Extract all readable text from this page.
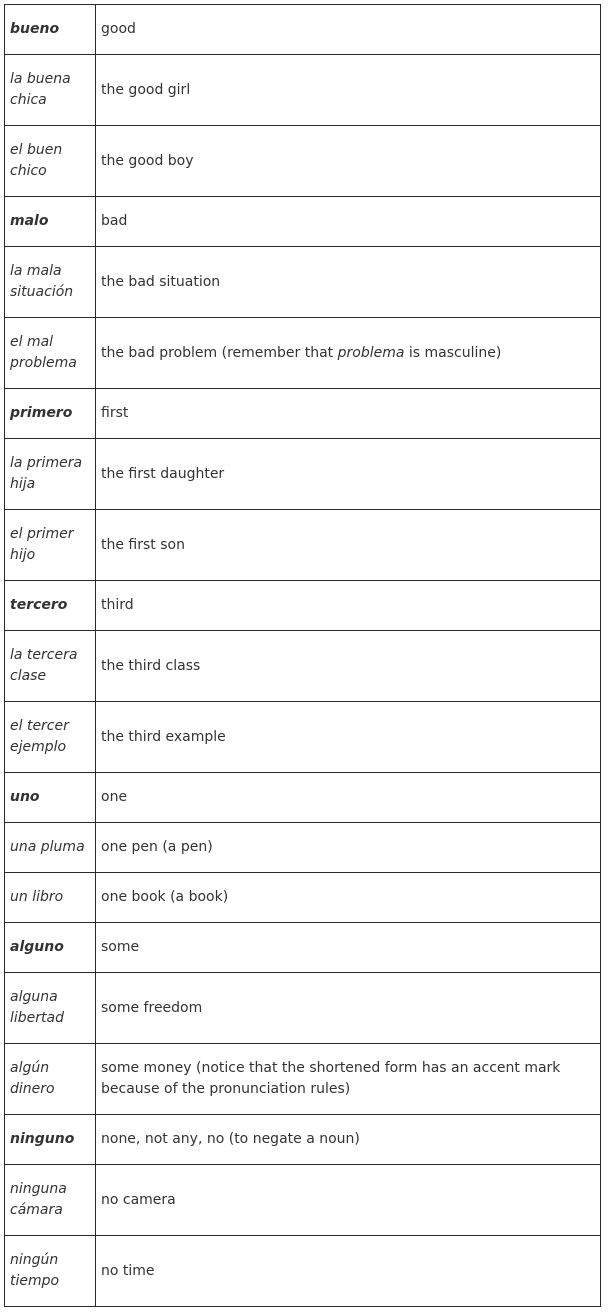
bueno	good
la buena chica	the good girl
el buen chico	the good boy
malo	bad
la mala situación	the bad situation
el mal problema	the bad problem (remember that problema is masculine)
primero	first
la primera hija	the first daughter
el primer hijo	the first son
tercero	third
la tercera clase	the third class
el tercer ejemplo	the third example
uno	one
una pluma	one pen (a pen)
un libro	one book (a book)
alguno	some
alguna libertad	some freedom
algún dinero	some money (notice that the shortened form has an accent mark because of the pronunciation rules)
ninguno	none, not any, no (to negate a noun)
ninguna cámara	no camera
ningún tiempo	no time
